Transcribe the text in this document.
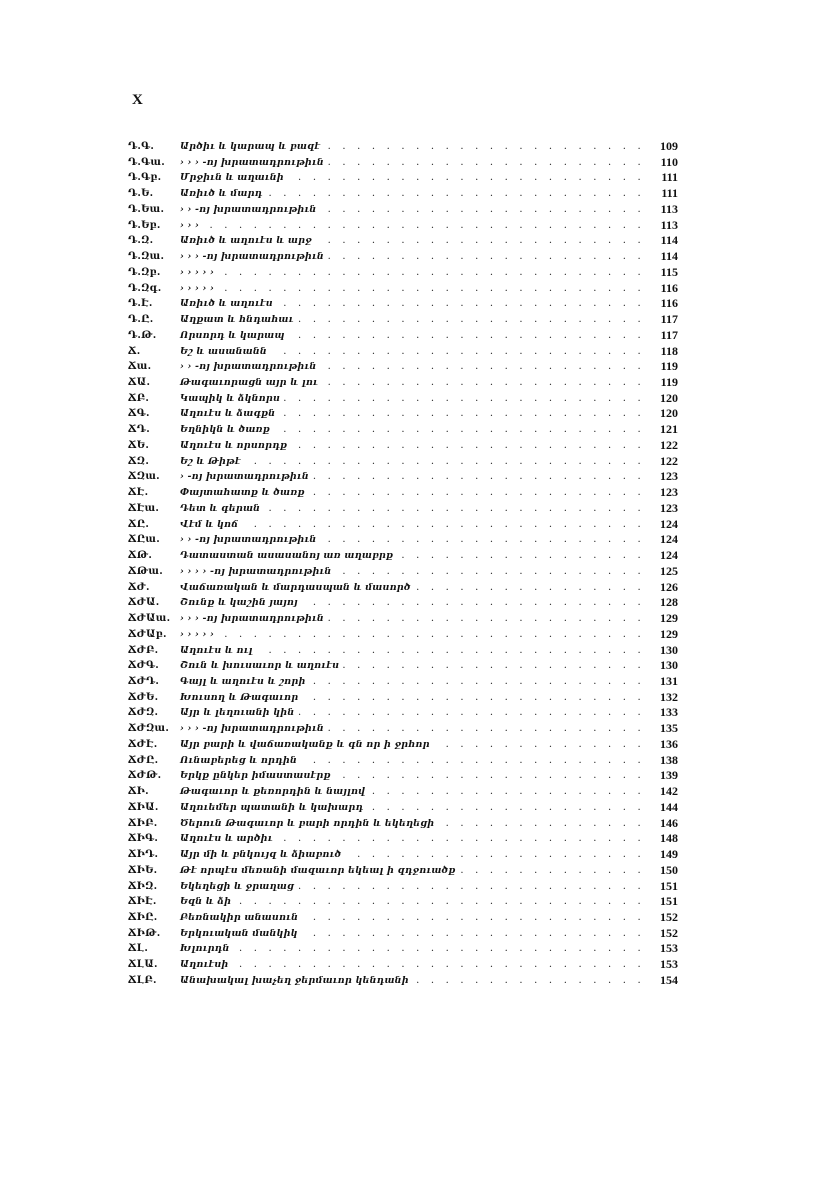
X
Դ.Գ. . . .	Արծիւ և կարապ և բազէ	109
Դ.Գա. . . .	› › › -ոյ խրատադրութիւն	110
Դ.Գբ. . . .	Մրջիւն և աղաւնի	111
Դ.Ե. . . .	Առիւծ և մարդ	111
Դ.Եա. . . .	› › -ոյ խրատադրութիւն	113
Դ.Եբ. . . .	› › ›	113
Դ.Զ. . . .	Առիւծ և աղուէս և արջ	114
Դ.Զա. . . .	› › › -ոյ խրատադրութիւն	114
Դ.Զբ. . . .	› › › › ›	115
Դ.Զգ. . . .	› › › › ›	116
Դ.Է. . . .	Առիւծ և աղուէս	116
Դ.Ը. . . .	Աղքատ և հնդահաւ	117
Դ.Թ. . . .	Որսորդ և կարապ	117
Ճ. . . .	Եշ և ասանանն	118
Ճա. . . .	› › -ոյ խրատադրութիւն	119
ՃԱ. . . .	Թագաւորացն այր և լու	119
ՃԲ. . . .	Կապիկ և ձկնորս	120
ՃԳ. . . .	Աղուէս և ձագքն	120
ՃԴ. . . .	Եղնիկն և ծառք	121
ՃԵ. . . .	Աղուէս և որսորդք	122
ՃԶ. . . .	Եշ և Թիթէ	122
ՃԶա. . . .	› -ոյ խրատադրութիւն	123
ՃԷ. . . .	Փայտահատք և ծառք	123
ՃԷա. . . .	Դետ և գերան	123
ՃԸ. . . .	Վէմ և կոճ	124
ՃԸա. . . .	› › -ոյ խրատադրութիւն	124
ՃԹ. . . .	Դատաստան ասասանոյ առ աղաբրք	124
ՃԹա. . . .	› › › › -ոյ խրատադրութիւն	125
ՃԺ. . . .	Վաճառական և մարդասպան և մասործ	126
ՃԺԱ. . . .	Շունք և կաշին յայոյ	128
ՃԺԱա. . . .	› › › -ոյ խրատադրութիւն	129
ՃԺԱբ. . . .	› › › › ›	129
ՃԺԲ. . . .	Աղուէս և ուլ	130
ՃԺԳ. . . .	Շուն և խուսաւոր և աղուէս	130
ՃԺԴ. . . .	Գայլ և աղուէս և շորի	131
ՃԺԵ. . . .	Խուսող և Թագաւոր	132
ՃԺԶ. . . .	Այր և լեղուանի կին	133
ՃԺԶա. . . .	› › › -ոյ խրատադրութիւն	135
ՃԺԷ. . . .	Այր բարի և վաճառականք և գն որ ի ջրհոր	136
ՃԺԸ. . . .	Ունաբերեց և որդին	138
ՃԺԹ. . . .	Երկք ընկեր իմաստասէրք	139
ՃԻ. . . .	Թագաւոր և քեռորդին և նայլով	142
ՃԻԱ. . . .	Աղուեմեր պատանի և կախարդ	144
ՃԻԲ. . . .	Ծերուն Թագաւոր և բարի որդին և եկեղեցի	146
ՃԻԳ. . . .	Աղուէս և արծիւ	148
ՃԻԴ. . . .	Այր մի և բնկույզ և ձիաբուծ	149
ՃԻԵ. . . .	Թէ որպէս մեռանի մազաւոր եկեալ ի զդջուածք	150
ՃԻԶ. . . .	Եկեղեցի և ջրաղաց	151
ՃԻԷ. . . .	Եզն և ձի	151
ՃԻԸ. . . .	Բեռնակիր անասուն	152
ՃԻԹ. . . .	Երկուական մանկիկ	152
ՃԼ. . . .	Խլուրդն	153
ՃԼԱ. . . .	Աղուէսի	153
ՃԼԲ. . . .	Անախակալ խաչեղ ջերմաւոր կենդանի	154
